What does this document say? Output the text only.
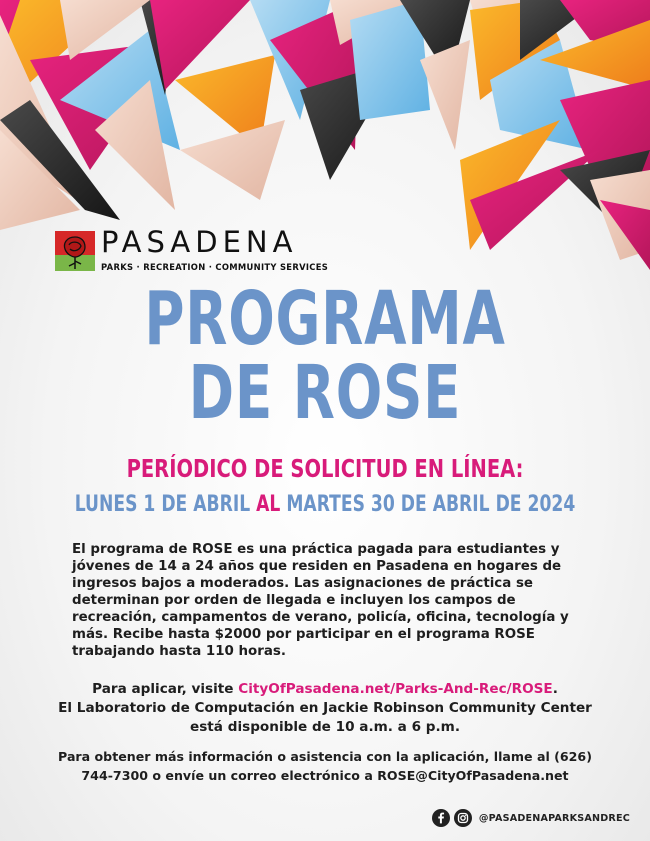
PASADENA
PARKS · RECREATION · COMMUNITY SERVICES
PROGRAMA
DE ROSE
PERÍODICO DE SOLICITUD EN LÍNEA:
LUNES 1 DE ABRIL AL MARTES 30 DE ABRIL DE 2024
El programa de ROSE es una práctica pagada para estudiantes y jóvenes de 14 a 24 años que residen en Pasadena en hogares de ingresos bajos a moderados. Las asignaciones de práctica se determinan por orden de llegada e incluyen los campos de recreación, campamentos de verano, policía, oficina, tecnología y más. Recibe hasta $2000 por participar en el programa ROSE trabajando hasta 110 horas.
Para aplicar, visite CityOfPasadena.net/Parks-And-Rec/ROSE.
El Laboratorio de Computación en Jackie Robinson Community Center está disponible de 10 a.m. a 6 p.m.
Para obtener más información o asistencia con la aplicación, llame al (626) 744-7300 o envíe un correo electrónico a ROSE@CityOfPasadena.net
@PASADENAPARKSANDREC
